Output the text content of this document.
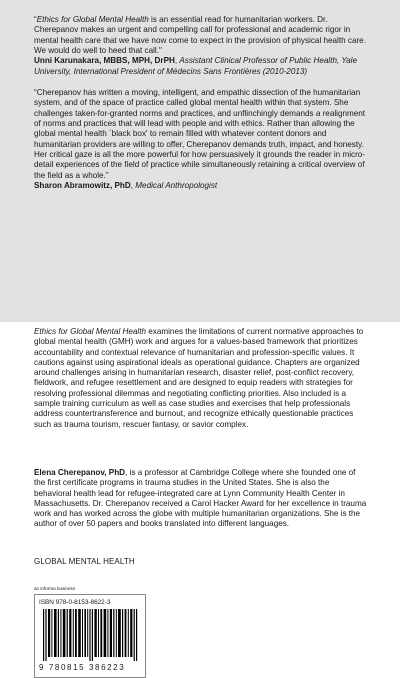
“Ethics for Global Mental Health is an essential read for humanitarian workers. Dr. Cherepanov makes an urgent and compelling call for professional and academic rigor in mental health care that we have now come to expect in the provision of physical health care. We would do well to heed that call."

Unni Karunakara, MBBS, MPH, DrPH, Assistant Clinical Professor of Public Health, Yale University, International President of Médecins Sans Frontières (2010-2013)

“Cherepanov has written a moving, intelligent, and empathic dissection of the humanitarian system, and of the space of practice called global mental health within that system. She challenges taken-for-granted norms and practices, and unflinchingly demands a realignment of norms and practices that will lead with people and with ethics. Rather than allowing the global mental health `black box' to remain filled with whatever content donors and humanitarian providers are willing to offer, Cherepanov demands truth, impact, and honesty. Her critical gaze is all the more powerful for how persuasively it grounds the reader in micro-detail experiences of the field of practice while simultaneously retaining a critical overview of the field as a whole.”

Sharon Abramowitz, PhD, Medical Anthropologist

Ethics for Global Mental Health examines the limitations of current normative approaches to global mental health (GMH) work and argues for a values-based framework that prioritizes accountability and contextual relevance of humanitarian and profession-specific values. It cautions against using aspirational ideals as operational guidance. Chapters are organized around challenges arising in humanitarian research, disaster relief, post-conflict recovery, fieldwork, and refugee resettlement and are designed to equip readers with strategies for resolving professional dilemmas and negotiating conflicting priorities. Also included is a sample training curriculum as well as case studies and exercises that help professionals address countertransference and burnout, and recognize ethically questionable practices such as trauma tourism, rescuer fantasy, or savior complex.

Elena Cherepanov, PhD, is a professor at Cambridge College where she founded one of the first certificate programs in trauma studies in the United States. She is also the behavioral health lead for refugee-integrated care at Lynn Community Health Center in Massachusetts. Dr. Cherepanov received a Carol Hacker Award for her excellence in trauma work and has worked across the globe with multiple humanitarian organizations. She is the author of over 50 papers and books translated into different languages.

GLOBAL MENTAL HEALTH

an informa business

ISBN 978-0-8153-8622-3

9 780815 386223
